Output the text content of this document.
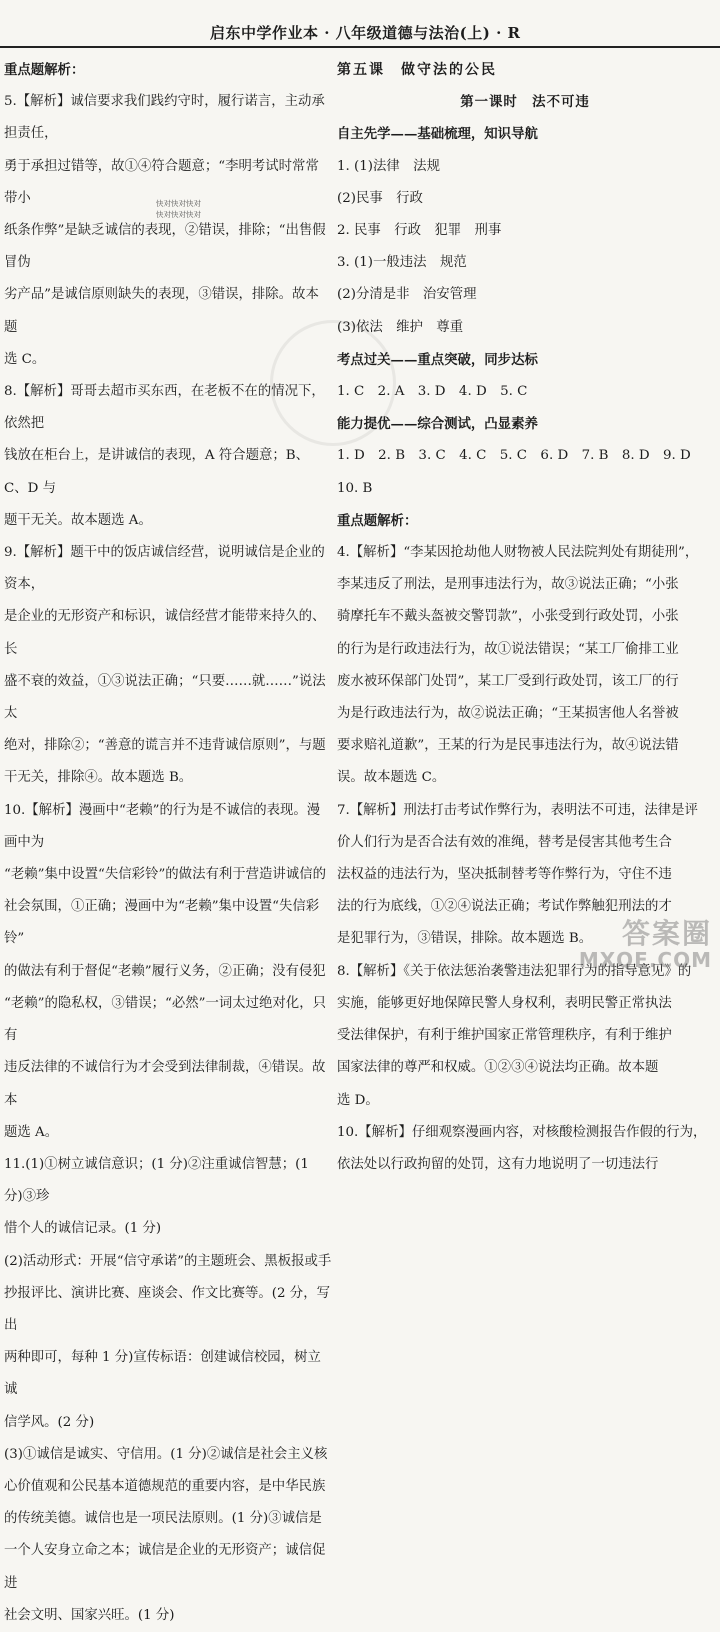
启东中学作业本 · 八年级道德与法治(上) · R

重点题解析：

5.【解析】诚信要求我们践约守时，履行诺言，主动承担责任，

勇于承担过错等，故①④符合题意；“李明考试时常常带小

纸条作弊”是缺乏诚信的表现，②错误，排除；“出售假冒伪

劣产品”是诚信原则缺失的表现，③错误，排除。故本题

选 C。

8.【解析】哥哥去超市买东西，在老板不在的情况下，依然把

钱放在柜台上，是讲诚信的表现，A 符合题意；B、C、D 与

题干无关。故本题选 A。

9.【解析】题干中的饭店诚信经营，说明诚信是企业的资本，

是企业的无形资产和标识，诚信经营才能带来持久的、长

盛不衰的效益，①③说法正确；“只要……就……”说法太

绝对，排除②；“善意的谎言并不违背诚信原则”，与题

干无关，排除④。故本题选 B。

10.【解析】漫画中“老赖”的行为是不诚信的表现。漫画中为

“老赖”集中设置“失信彩铃”的做法有利于营造讲诚信的

社会氛围，①正确；漫画中为“老赖”集中设置“失信彩铃”

的做法有利于督促“老赖”履行义务，②正确；没有侵犯

“老赖”的隐私权，③错误；“必然”一词太过绝对化，只有

违反法律的不诚信行为才会受到法律制裁，④错误。故本

题选 A。

11.(1)①树立诚信意识；(1 分)②注重诚信智慧；(1 分)③珍

惜个人的诚信记录。(1 分)

(2)活动形式：开展“信守承诺”的主题班会、黑板报或手

抄报评比、演讲比赛、座谈会、作文比赛等。(2 分，写出

两种即可，每种 1 分)宣传标语：创建诚信校园，树立诚

信学风。(2 分)

(3)①诚信是诚实、守信用。(1 分)②诚信是社会主义核

心价值观和公民基本道德规范的重要内容，是中华民族

的传统美德。诚信也是一项民法原则。(1 分)③诚信是

一个人安身立命之本；诚信是企业的无形资产；诚信促进

社会文明、国家兴旺。(1 分)

快对快对快对
快对快对快对

第五课　做守法的公民

第一课时　法不可违

自主先学——基础梳理，知识导航

1. (1)法律　法规

(2)民事　行政

2. 民事　行政　犯罪　刑事

3. (1)一般违法　规范

(2)分清是非　治安管理

(3)依法　维护　尊重

考点过关——重点突破，同步达标

1. C　2. A　3. D　4. D　5. C

能力提优——综合测试，凸显素养

1. D　2. B　3. C　4. C　5. C　6. D　7. B　8. D　9. D

10. B

重点题解析：

4.【解析】“李某因抢劫他人财物被人民法院判处有期徒刑”，

李某违反了刑法，是刑事违法行为，故③说法正确；“小张

骑摩托车不戴头盔被交警罚款”，小张受到行政处罚，小张

的行为是行政违法行为，故①说法错误；“某工厂偷排工业

废水被环保部门处罚”，某工厂受到行政处罚，该工厂的行

为是行政违法行为，故②说法正确；“王某损害他人名誉被

要求赔礼道歉”，王某的行为是民事违法行为，故④说法错

误。故本题选 C。

7.【解析】刑法打击考试作弊行为，表明法不可违，法律是评

价人们行为是否合法有效的准绳，替考是侵害其他考生合

法权益的违法行为，坚决抵制替考等作弊行为，守住不违

法的行为底线，①②④说法正确；考试作弊触犯刑法的才

是犯罪行为，③错误，排除。故本题选 B。

8.【解析】《关于依法惩治袭警违法犯罪行为的指导意见》的

实施，能够更好地保障民警人身权利，表明民警正常执法

受法律保护，有利于维护国家正常管理秩序，有利于维护

国家法律的尊严和权威。①②③④说法均正确。故本题

选 D。

10.【解析】仔细观察漫画内容，对核酸检测报告作假的行为，

依法处以行政拘留的处罚，这有力地说明了一切违法行

答案圈
MXQE.COM
